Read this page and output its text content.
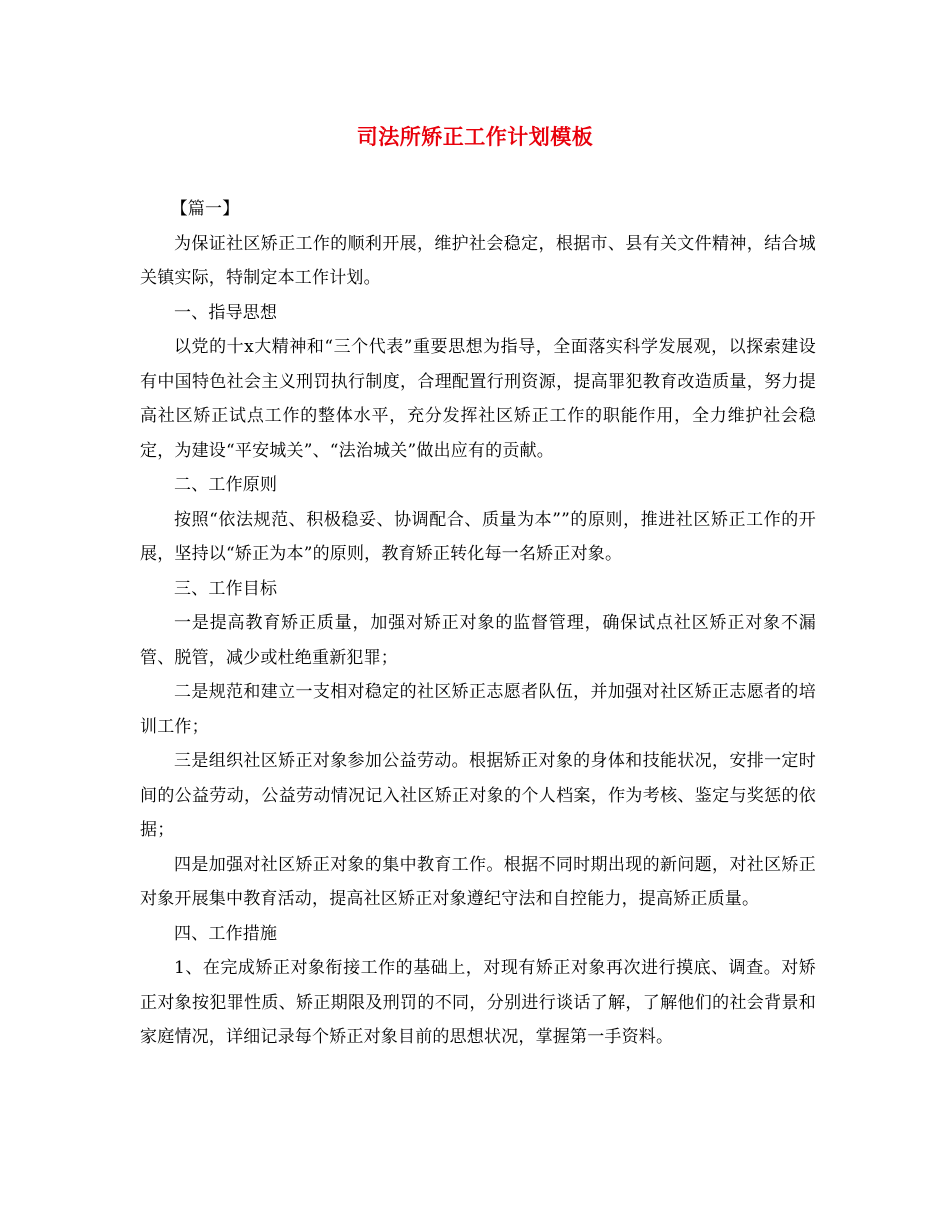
司法所矫正工作计划模板

【篇一】

为保证社区矫正工作的顺利开展，维护社会稳定，根据市、县有关文件精神，结合城关镇实际，特制定本工作计划。

一、指导思想

以党的十x大精神和“三个代表”重要思想为指导，全面落实科学发展观，以探索建设有中国特色社会主义刑罚执行制度，合理配置行刑资源，提高罪犯教育改造质量，努力提高社区矫正试点工作的整体水平，充分发挥社区矫正工作的职能作用，全力维护社会稳定，为建设“平安城关”、“法治城关”做出应有的贡献。

二、工作原则

按照“依法规范、积极稳妥、协调配合、质量为本””的原则，推进社区矫正工作的开展，坚持以“矫正为本”的原则，教育矫正转化每一名矫正对象。

三、工作目标

一是提高教育矫正质量，加强对矫正对象的监督管理，确保试点社区矫正对象不漏管、脱管，减少或杜绝重新犯罪；

二是规范和建立一支相对稳定的社区矫正志愿者队伍，并加强对社区矫正志愿者的培训工作；

三是组织社区矫正对象参加公益劳动。根据矫正对象的身体和技能状况，安排一定时间的公益劳动，公益劳动情况记入社区矫正对象的个人档案，作为考核、鉴定与奖惩的依据；

四是加强对社区矫正对象的集中教育工作。根据不同时期出现的新问题，对社区矫正对象开展集中教育活动，提高社区矫正对象遵纪守法和自控能力，提高矫正质量。

四、工作措施

1、在完成矫正对象衔接工作的基础上，对现有矫正对象再次进行摸底、调查。对矫正对象按犯罪性质、矫正期限及刑罚的不同，分别进行谈话了解，了解他们的社会背景和家庭情况，详细记录每个矫正对象目前的思想状况，掌握第一手资料。
